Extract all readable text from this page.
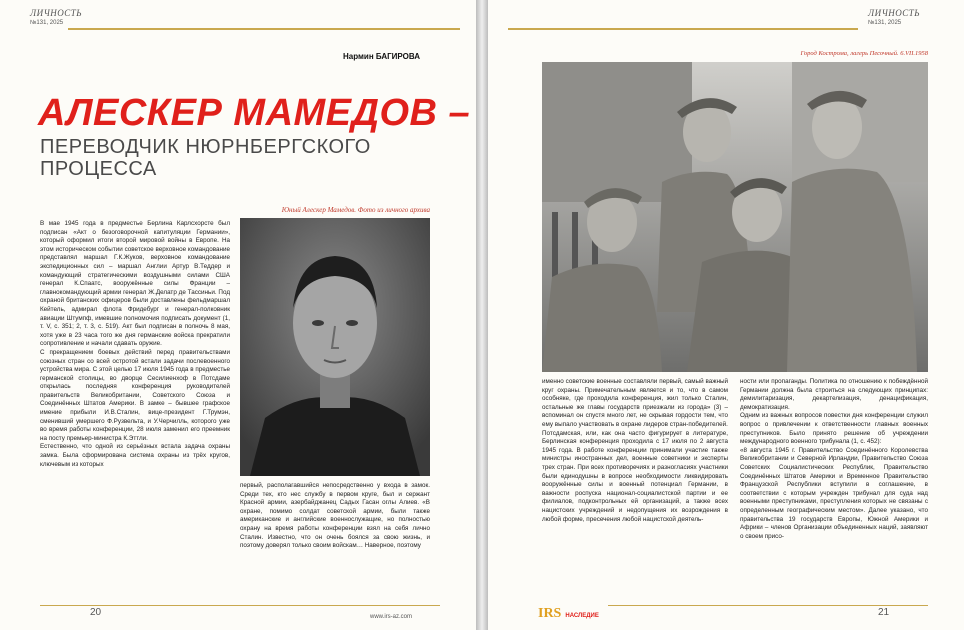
ЛИЧНОСТЬ
№131, 2025
Нармин БАГИРОВА
АЛЕСКЕР МАМЕДОВ –
ПЕРЕВОДЧИК НЮРНБЕРГСКОГО ПРОЦЕССА
В мае 1945 года в предместье Берлина Карлсхорсте был подписан «Акт о безоговорочной капитуляции Германии», который оформил итоги второй мировой войны в Европе. На этом историческом событии советское верховное командование представлял маршал Г.К.Жуков, верховное командование экспедиционных сил – маршал Англии Артур В.Теддер и командующий стратегическими воздушными силами США генерал К.Спаатс, вооружённые силы Франции – главнокомандующий армии генерал Ж.Делатр де Тассиньи. Под охраной британских офицеров были доставлены фельдмаршал Кейтель, адмирал флота Фридебург и генерал-полковник авиации Штумпф, имевшие полномочия подписать документ (1, т. V, с. 351; 2, т. 3, с. 519). Акт был подписан в полночь 8 мая, хотя уже в 23 часа того же дня германские войска прекратили сопротивление и начали сдавать оружие.
С прекращением боевых действий перед правительствами союзных стран со всей остротой встали задачи послевоенного устройства мира. С этой целью 17 июля 1945 года в предместье германской столицы, во дворце Сесилиенхоф в Потсдаме открылась последняя конференция руководителей правительств Великобритании, Советского Союза и Соединённых Штатов Америки. В замке – бывшее графское имение прибыли И.В.Сталин, вице-президент Г.Трумэн, сменивший умершего Ф.Рузвельта, и У.Черчилль, которого уже во время работы конференции, 28 июля заменил его преемник на посту премьер-министра К.Эттли.
Естественно, что одной из серьёзных встала задача охраны замка. Была сформирована система охраны из трёх кругов, ключевым из которых
Юный Алескер Мамедов. Фото из личного архива
первый, располагавшийся непосредственно у входа в замок. Среди тех, кто нес службу в первом круге, был и сержант Красной армии, азербайджанец Садых Гасан оглы Алиев. «В охране, помимо солдат советской армии, были также американские и английские военнослужащие, но полностью охрану на время работы конференции взял на себя лично Сталин. Известно, что он очень боялся за свою жизнь, и поэтому доверял только своим войскам… Наверное, поэтому
20	www.irs-az.com
ЛИЧНОСТЬ
№131, 2025
Город Кострома, лагерь Песочный. 6.VII.1958
именно советские военные составляли первый, самый важный круг охраны. Примечательным является и то, что в самом особняке, где проходила конференция, жил только Сталин, остальные же главы государств приезжали из города» (3) – вспоминал он спустя много лет, не скрывая гордости тем, что ему выпало участвовать в охране лидеров стран-победителей.
Потсдамская, или, как она часто фигурирует в литературе, Берлинская конференция проходила с 17 июля по 2 августа 1945 года. В работе конференции принимали участие также министры иностранных дел, военные советники и эксперты трех стран. При всех противоречиях и разногласиях участники были единодушны в вопросе необходимости ликвидировать вооружённые силы и военный потенциал Германии, в важности роспуска национал-социалистской партии и ее филиалов, подконтрольных ей организаций, а также всех нацистских учреждений и недопущения их возрождения в любой форме, пресечения любой нацистской деятель-
ности или пропаганды. Политика по отношению к побеждённой Германии должна была строиться на следующих принципах: демилитаризация, декартелизация, денацификация, демократизация.
Одним из важных вопросов повестки дня конференции служил вопрос о привлечении к ответственности главных военных преступников. Было принято решение об учреждении международного военного трибунала (1, с. 452):
«8 августа 1945 г. Правительство Соединённого Королевства Великобритании и Северной Ирландии, Правительство Союза Советских Социалистических Республик, Правительство Соединённых Штатов Америки и Временное Правительство Французской Республики вступили в соглашение, в соответствии с которым учрежден трибунал для суда над военными преступниками, преступления которых не связаны с определенным географическим местом». Далее указано, что правительства 19 государств Европы, Южной Америки и Африки – членов Организации объединенных наций, заявляют о своем присо-
IRS НАСЛЕДИЕ	21
